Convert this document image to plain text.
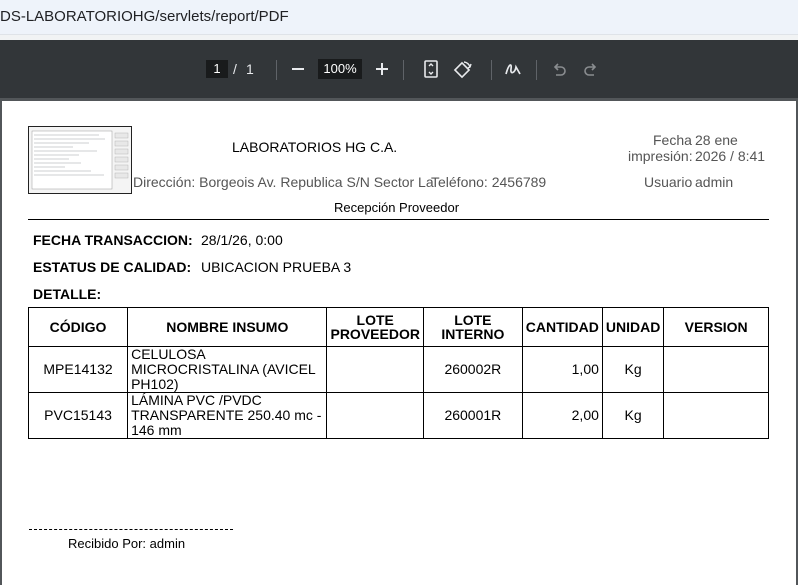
DS-LABORATORIOHG/servlets/report/PDF
1 / 1	100%
LABORATORIOS HG C.A.
Dirección: Borgeois Av. Republica S/N Sector La
Teléfono: 2456789
Fecha 28 ene
impresión: 2026 / 8:41
Usuario admin
Recepción Proveedor
FECHA TRANSACCION: 28/1/26, 0:00
ESTATUS DE CALIDAD: UBICACION PRUEBA 3
DETALLE:
CÓDIGO	NOMBRE INSUMO	LOTE PROVEEDOR	LOTE INTERNO	CANTIDAD	UNIDAD	VERSION
MPE14132	CELULOSA MICROCRISTALINA (AVICEL PH102)		260002R	1,00	Kg	
PVC15143	LÁMINA PVC /PVDC TRANSPARENTE 250.40 mc - 146 mm		260001R	2,00	Kg	
Recibido Por: admin
